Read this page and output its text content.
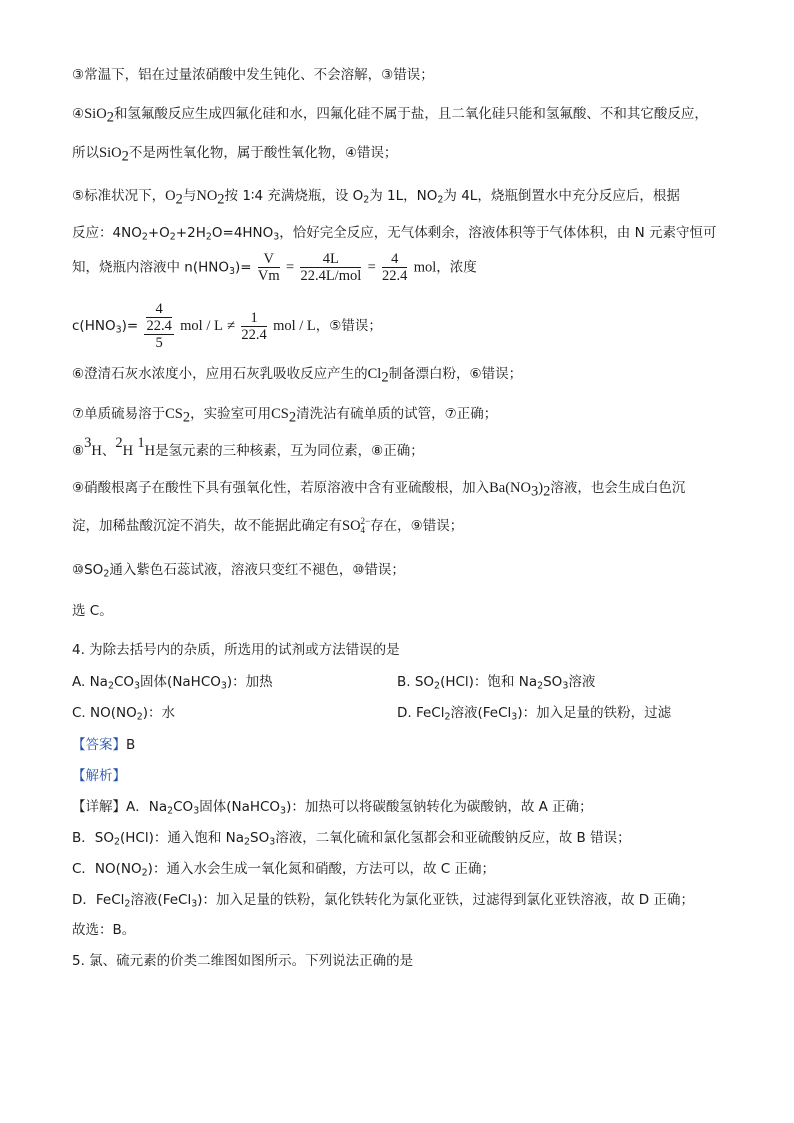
③常温下，铝在过量浓硝酸中发生钝化、不会溶解，③错误；
④SiO$_2$和氢氟酸反应生成四氟化硅和水，四氟化硅不属于盐，且二氧化硅只能和氢氟酸、不和其它酸反应，
所以SiO$_2$不是两性氧化物，属于酸性氧化物，④错误；
⑤标准状况下，$O_2$与$NO_2$按 1∶4 充满烧瓶，设 $O_2$为 1L，$NO_2$为 4L，烧瓶倒置水中充分反应后，根据
反应：$4NO_2+O_2+2H_2O=4HNO_3$，恰好完全反应，无气体剩余，溶液体积等于气体体积，由 N 元素守恒可
知，烧瓶内溶液中 $n(HNO_3)= \frac{V}{Vm} = \frac{4L}{\text{22.4L/mol}} = \frac{4}{22.4}$ mol，浓度
$c(HNO_3)= \frac{\frac{4}{22.4}}{5}$ mol / $L \ne \frac{1}{22.4}$ mol / L，⑤错误；
⑥澄清石灰水浓度小，应用石灰乳吸收反应产生的$Cl_2$制备漂白粉，⑥错误；
⑦单质硫易溶于$CS_2$，实验室可用$CS_2$清洗沾有硫单质的试管，⑦正确；
⑧$^3$H、$^2$H $^1$H是氢元素的三种核素，互为同位素，⑧正确；
⑨硝酸根离子在酸性下具有强氧化性，若原溶液中含有亚硫酸根，加入$Ba(NO_3)_2$溶液，也会生成白色沉
淀，加稀盐酸沉淀不消失，故不能据此确定有SO 2−
4 存在，⑨错误；
$⑩SO_2$通入紫色石蕊试液，溶液只变红不褪色，⑩错误；
选 C。
4. 为除去括号内的杂质，所选用的试剂或方法错误的是
A. $Na_2CO_3$固体(NaHCO$_3$)：加热	B. $SO_2(HCl)$：饱和 $Na_2SO_3$溶液
C. $NO(NO_2)$：水	D. FeCl$_2$溶液(FeCl$_3$)：加入足量的铁粉，过滤
【答案】B
【解析】
【详解】A．$Na_2CO_3$固体(NaHCO$_3$)：加热可以将碳酸氢钠转化为碳酸钠，故 A 正确；
B．$SO_2(HCl)$：通入饱和 $Na_2SO_3$溶液，二氧化硫和氯化氢都会和亚硫酸钠反应，故 B 错误；
C．$NO(NO_2)$：通入水会生成一氧化氮和硝酸，方法可以，故 C 正确；
D．FeCl$_2$溶液(FeCl$_3$)：加入足量的铁粉，氯化铁转化为氯化亚铁，过滤得到氯化亚铁溶液，故 D 正确；
故选：B。
5. 氯、硫元素的价类二维图如图所示。下列说法正确的是
